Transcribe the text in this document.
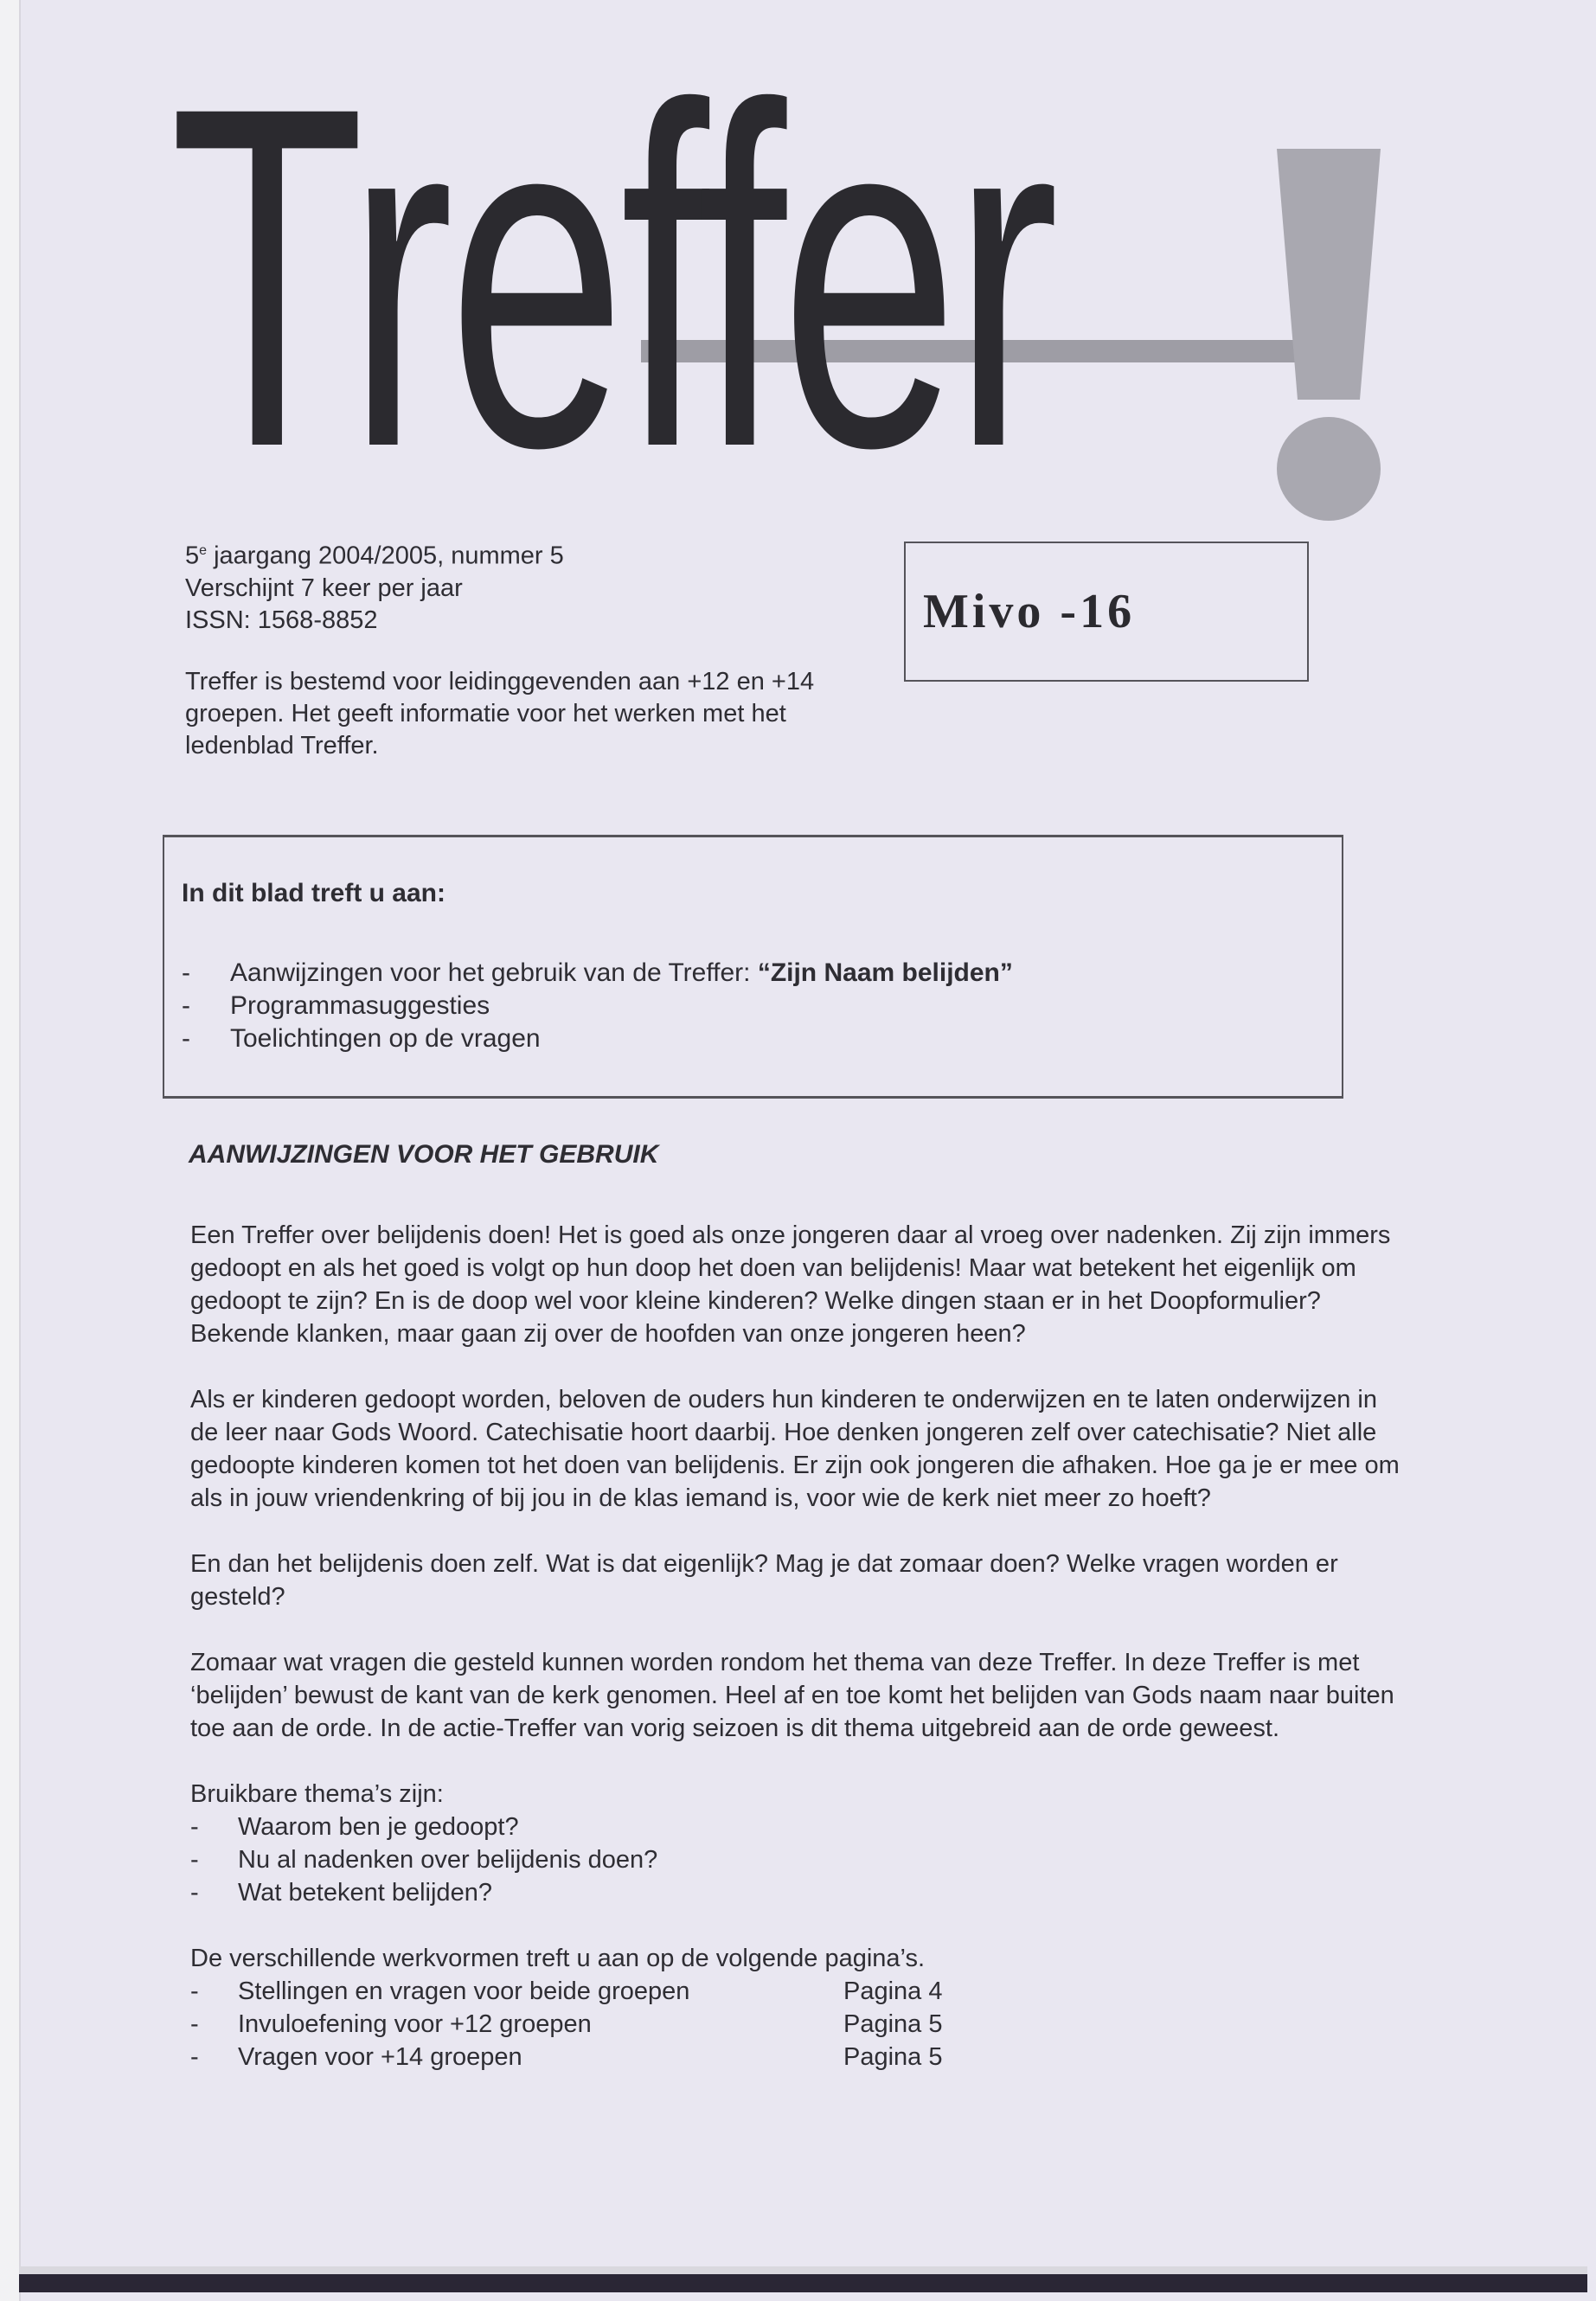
Treffer
5e jaargang 2004/2005, nummer 5
Verschijnt 7 keer per jaar
ISSN: 1568-8852	Mivo -16
Treffer is bestemd voor leidinggevenden aan +12 en +14 groepen. Het geeft informatie voor het werken met het ledenblad Treffer.
In dit blad treft u aan:
- Aanwijzingen voor het gebruik van de Treffer: “Zijn Naam belijden”
- Programmasuggesties
- Toelichtingen op de vragen
AANWIJZINGEN VOOR HET GEBRUIK

Een Treffer over belijdenis doen! Het is goed als onze jongeren daar al vroeg over nadenken. Zij zijn immers gedoopt en als het goed is volgt op hun doop het doen van belijdenis! Maar wat betekent het eigenlijk om gedoopt te zijn? En is de doop wel voor kleine kinderen? Welke dingen staan er in het Doopformulier? Bekende klanken, maar gaan zij over de hoofden van onze jongeren heen?

Als er kinderen gedoopt worden, beloven de ouders hun kinderen te onderwijzen en te laten onderwijzen in de leer naar Gods Woord. Catechisatie hoort daarbij. Hoe denken jongeren zelf over catechisatie? Niet alle gedoopte kinderen komen tot het doen van belijdenis. Er zijn ook jongeren die afhaken. Hoe ga je er mee om als in jouw vriendenkring of bij jou in de klas iemand is, voor wie de kerk niet meer zo hoeft?

En dan het belijdenis doen zelf. Wat is dat eigenlijk? Mag je dat zomaar doen? Welke vragen worden er gesteld?

Zomaar wat vragen die gesteld kunnen worden rondom het thema van deze Treffer. In deze Treffer is met ‘belijden’ bewust de kant van de kerk genomen. Heel af en toe komt het belijden van Gods naam naar buiten toe aan de orde. In de actie-Treffer van vorig seizoen is dit thema uitgebreid aan de orde geweest.

Bruikbare thema’s zijn:
- Waarom ben je gedoopt?
- Nu al nadenken over belijdenis doen?
- Wat betekent belijden?
De verschillende werkvormen treft u aan op de volgende pagina’s.
- Stellingen en vragen voor beide groepen	Pagina 4
- Invuloefening voor +12 groepen	Pagina 5
- Vragen voor +14 groepen	Pagina 5
